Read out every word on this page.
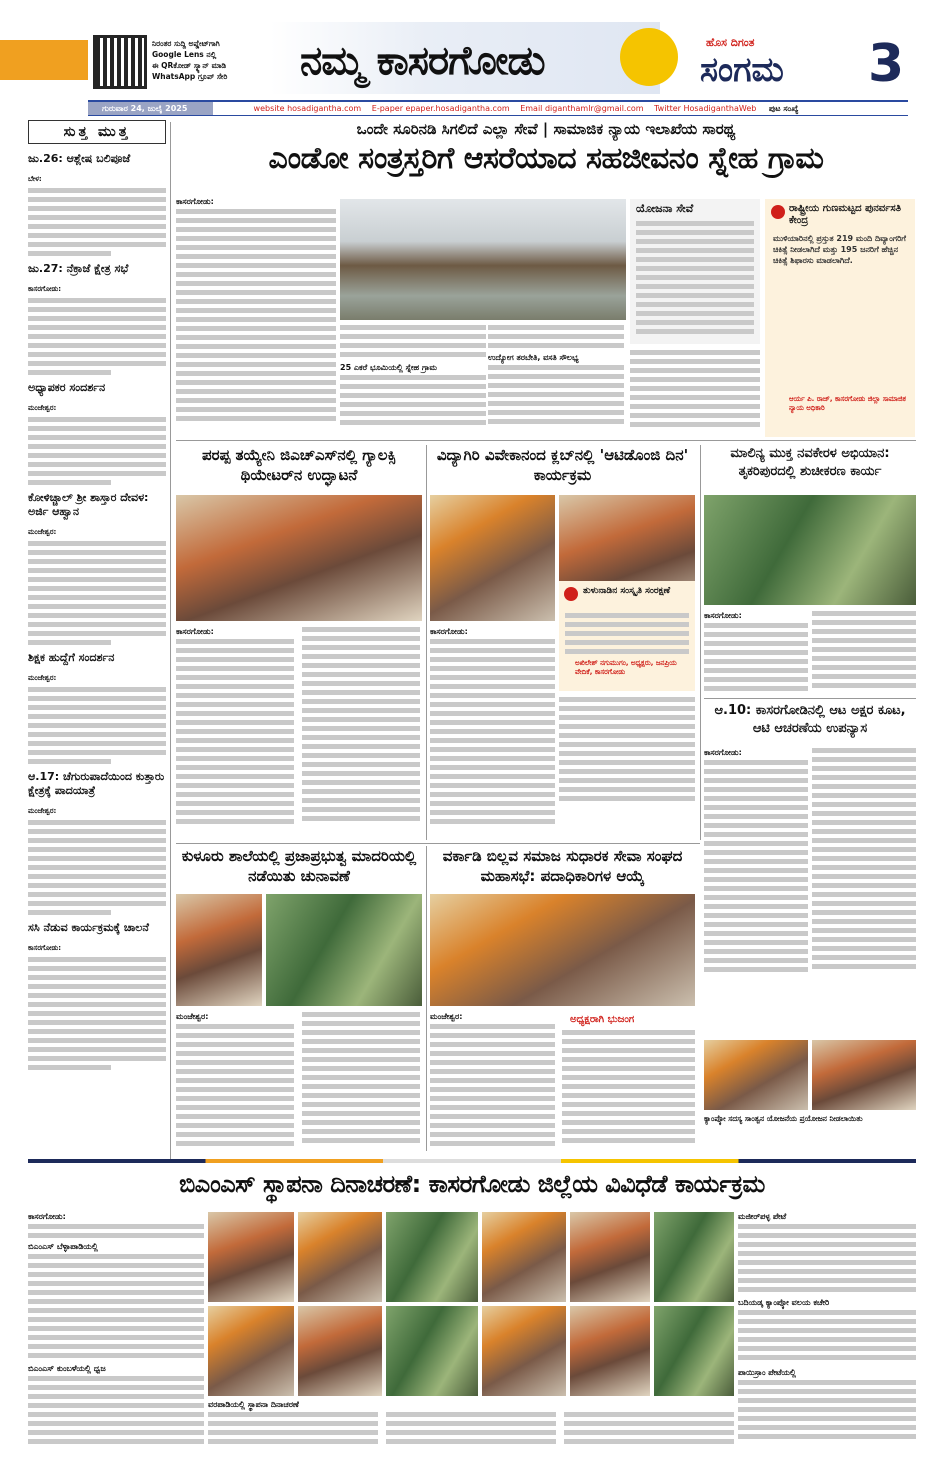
ನಿರಂತರ ಸುದ್ದಿ ಅಪ್ಡೇಟ್‌ಗಾಗಿ
Google Lens ನಲ್ಲಿ
ಈ QRಕೋಡ್ ಸ್ಕ್ಯಾನ್ ಮಾಡಿ
WhatsApp ಗ್ರೂಪ್ ಸೇರಿ	ನಮ್ಮ ಕಾಸರಗೋಡು	ಹೊಸ ದಿಗಂತ
ಸಂಗಮ 3
ಗುರುವಾರ 24, ಜುಲೈ 2025	website hosadigantha.com E-paper epaper.hosadigantha.com Email diganthamlr@gmail.com Twitter HosadiganthaWeb ಪುಟ ಸಂಖ್ಯೆ
ಸುತ್ತ ಮುತ್ತ
ಜು.26: ಆಶ್ಲೇಷ ಬಲಿಪೂಜೆ
ಬೇಳ:
ಜು.27: ನೆಕ್ರಾಜೆ ಕ್ಷೇತ್ರ ಸಭೆ
ಕಾಸರಗೋಡು:
ಅಧ್ಯಾಪಕರ ಸಂದರ್ಶನ
ಮಂಜೇಶ್ವರ:
ಕೋಳಿಚ್ಚಾಲ್ ಶ್ರೀ ಶಾಸ್ತಾರ ದೇವಳ: ಅರ್ಜಿ ಆಹ್ವಾನ
ಮಂಜೇಶ್ವರ:
ಶಿಕ್ಷಕ ಹುದ್ದೆಗೆ ಸಂದರ್ಶನ
ಮಂಜೇಶ್ವರ:
ಆ.17: ಚೆಗುರುಪಾದೆಯಿಂದ ಕುತ್ತಾರು ಕ್ಷೇತ್ರಕ್ಕೆ ಪಾದಯಾತ್ರೆ
ಮಂಜೇಶ್ವರ:
ಸಸಿ ನೆಡುವ ಕಾರ್ಯಕ್ರಮಕ್ಕೆ ಚಾಲನೆ
ಕಾಸರಗೋಡು:
ಒಂದೇ ಸೂರಿನಡಿ ಸಿಗಲಿದೆ ಎಲ್ಲಾ ಸೇವೆ | ಸಾಮಾಜಿಕ ನ್ಯಾಯ ಇಲಾಖೆಯ ಸಾರಥ್ಯ
ಎಂಡೋ ಸಂತ್ರಸ್ತರಿಗೆ ಆಸರೆಯಾದ ಸಹಜೀವನಂ ಸ್ನೇಹ ಗ್ರಾಮ
ಕಾಸರಗೋಡು:
25 ಎಕರೆ ಭೂಮಿಯಲ್ಲಿ ಸ್ನೇಹ ಗ್ರಾಮ
ಉದ್ಯೋಗ ತರಬೇತಿ, ವಸತಿ ಸೌಲಭ್ಯ
ಯೋಜನಾ ಸೇವೆ	ರಾಷ್ಟ್ರೀಯ ಗುಣಮಟ್ಟದ ಪುನರ್ವಸತಿ ಕೇಂದ್ರ
ಮುಳಿಯಾರಿನಲ್ಲಿ ಪ್ರಸ್ತುತ 219 ಮಂದಿ ದಿವ್ಯಾಂಗರಿಗೆ ಚಿಕಿತ್ಸೆ ನೀಡಲಾಗಿದೆ ಮತ್ತು 195 ಜನರಿಗೆ ಹೆಚ್ಚಿನ ಚಿಕಿತ್ಸೆ ಶಿಫಾರಸು ಮಾಡಲಾಗಿದೆ.
ಆರ್ಯ ಪಿ. ರಾಜ್, ಕಾಸರಗೋಡು ಜಿಲ್ಲಾ ಸಾಮಾಜಿಕ ನ್ಯಾಯ ಅಧಿಕಾರಿ
ಪರಪ್ಪ ತಯ್ಯೇನಿ ಜಿಎಚ್‌ಎಸ್‌ನಲ್ಲಿ ಗ್ಯಾಲಕ್ಸಿ ಥಿಯೇಟರ್‌ನ ಉದ್ಘಾಟನೆ
ಕಾಸರಗೋಡು:
ವಿದ್ಯಾಗಿರಿ ವಿವೇಕಾನಂದ ಕ್ಲಬ್‌ನಲ್ಲಿ 'ಆಟಿಡೊಂಜಿ ದಿನ' ಕಾರ್ಯಕ್ರಮ
ಕಾಸರಗೋಡು:
ತುಳುನಾಡಿನ ಸಂಸ್ಕೃತಿ ಸಂರಕ್ಷಣೆ
ಅಖಿಲೇಶ್ ನಗುಮುಗಂ, ಅಧ್ಯಕ್ಷರು, ಜನಪ್ರಿಯ ವೇದಿಕೆ, ಕಾಸರಗೋಡು
ಮಾಲಿನ್ಯ ಮುಕ್ತ ನವಕೇರಳ ಅಭಿಯಾನ: ತೃಕರಿಪುರದಲ್ಲಿ ಶುಚೀಕರಣ ಕಾರ್ಯ
ಕಾಸರಗೋಡು:
ಆ.10: ಕಾಸರಗೋಡಿನಲ್ಲಿ ಆಟ ಅಕ್ಷರ ಕೂಟ, ಆಟಿ ಆಚರಣೆಯ ಉಪನ್ಯಾಸ
ಕಾಸರಗೋಡು:
ಕ್ಯಾಂಪ್ಕೋ ಸದಸ್ಯ ಸಾಂತ್ವನ ಯೋಜನೆಯ ಪ್ರಯೋಜನ ನೀಡಲಾಯಿತು
ಕುಳೂರು ಶಾಲೆಯಲ್ಲಿ ಪ್ರಜಾಪ್ರಭುತ್ವ ಮಾದರಿಯಲ್ಲಿ ನಡೆಯಿತು ಚುನಾವಣೆ
ಮಂಜೇಶ್ವರ:
ವರ್ಕಾಡಿ ಬಿಲ್ಲವ ಸಮಾಜ ಸುಧಾರಕ ಸೇವಾ ಸಂಘದ ಮಹಾಸಭೆ: ಪದಾಧಿಕಾರಿಗಳ ಆಯ್ಕೆ
ಮಂಜೇಶ್ವರ:	ಅಧ್ಯಕ್ಷರಾಗಿ ಭುಜಂಗ
ಬಿಎಂಎಸ್ ಸ್ಥಾಪನಾ ದಿನಾಚರಣೆ: ಕಾಸರಗೋಡು ಜಿಲ್ಲೆಯ ವಿವಿಧೆಡೆ ಕಾರ್ಯಕ್ರಮ
ಕಾಸರಗೋಡು:
ಬಿಎಂಎಸ್ ಬೆಳ್ಳಾಪಾಡಿಯಲ್ಲಿ
ಬಿಎಂಎಸ್ ಕುಂಬಳೆಯಲ್ಲಿ ಧ್ವಜ
ವರಪಾಡಿಯಲ್ಲಿ ಸ್ಥಾಪನಾ ದಿನಾಚರಣೆ
ಮಜೀರ್‌ಪಳ್ಳ ಪೇಟೆ
ಬದಿಯಡ್ಕ ಕ್ಯಾಂಪ್ಕೋ ವಲಯ ಕಚೇರಿ
ಪಾಯಿಸ್ರಾಂ ಪೇಟೆಯಲ್ಲಿ
